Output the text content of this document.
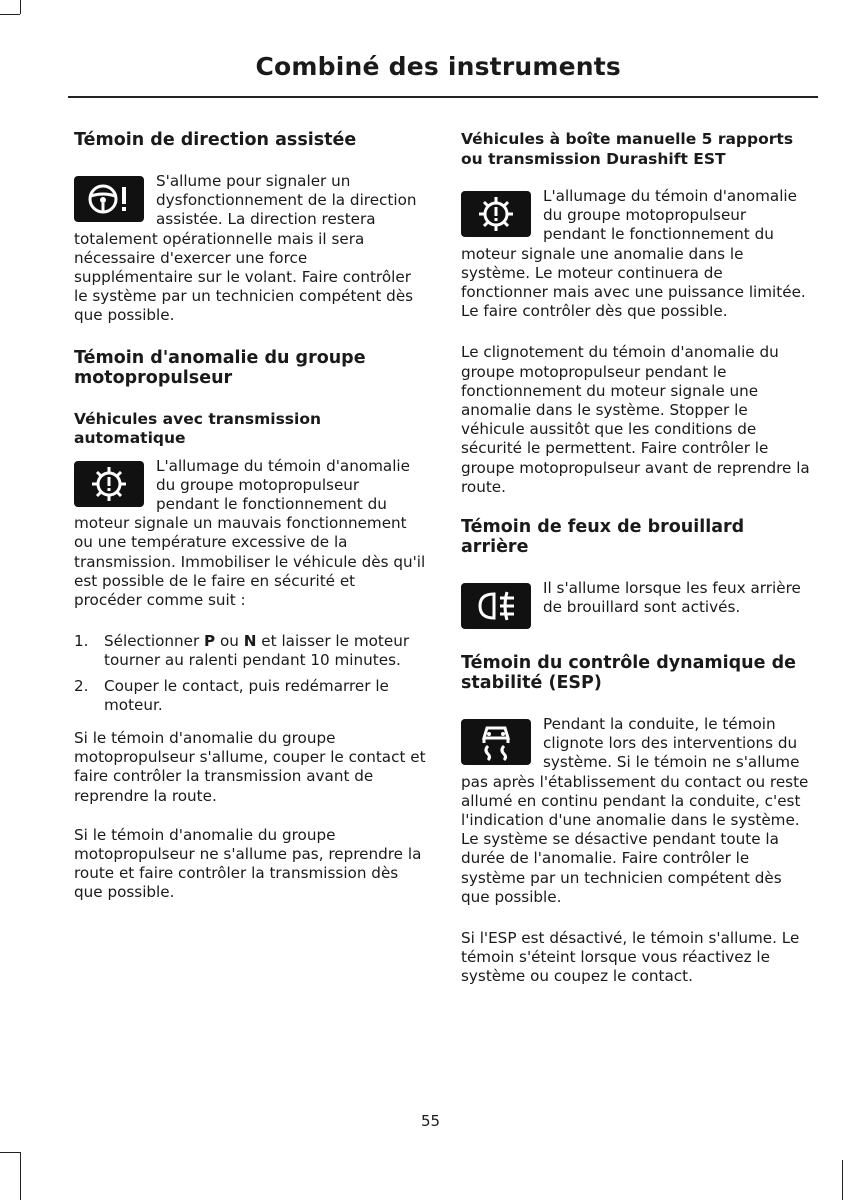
Combiné des instruments
Témoin de direction assistée

S'allume pour signaler un dysfonctionnement de la direction assistée. La direction restera totalement opérationnelle mais il sera nécessaire d'exercer une force supplémentaire sur le volant. Faire contrôler le système par un technicien compétent dès que possible.

Témoin d'anomalie du groupe motopropulseur
Véhicules avec transmission automatique

L'allumage du témoin d'anomalie du groupe motopropulseur pendant le fonctionnement du moteur signale un mauvais fonctionnement ou une température excessive de la transmission. Immobiliser le véhicule dès qu'il est possible de le faire en sécurité et procéder comme suit :

1. Sélectionner P ou N et laisser le moteur tourner au ralenti pendant 10 minutes.
2. Couper le contact, puis redémarrer le moteur.

Si le témoin d'anomalie du groupe motopropulseur s'allume, couper le contact et faire contrôler la transmission avant de reprendre la route.

Si le témoin d'anomalie du groupe motopropulseur ne s'allume pas, reprendre la route et faire contrôler la transmission dès que possible.

Véhicules à boîte manuelle 5 rapports ou transmission Durashift EST

L'allumage du témoin d'anomalie du groupe motopropulseur pendant le fonctionnement du moteur signale une anomalie dans le système. Le moteur continuera de fonctionner mais avec une puissance limitée. Le faire contrôler dès que possible.

Le clignotement du témoin d'anomalie du groupe motopropulseur pendant le fonctionnement du moteur signale une anomalie dans le système. Stopper le véhicule aussitôt que les conditions de sécurité le permettent. Faire contrôler le groupe motopropulseur avant de reprendre la route.

Témoin de feux de brouillard arrière

Il s'allume lorsque les feux arrière de brouillard sont activés.

Témoin du contrôle dynamique de stabilité (ESP)

Pendant la conduite, le témoin clignote lors des interventions du système. Si le témoin ne s'allume pas après l'établissement du contact ou reste allumé en continu pendant la conduite, c'est l'indication d'une anomalie dans le système. Le système se désactive pendant toute la durée de l'anomalie. Faire contrôler le système par un technicien compétent dès que possible.

Si l'ESP est désactivé, le témoin s'allume. Le témoin s'éteint lorsque vous réactivez le système ou coupez le contact.

55
